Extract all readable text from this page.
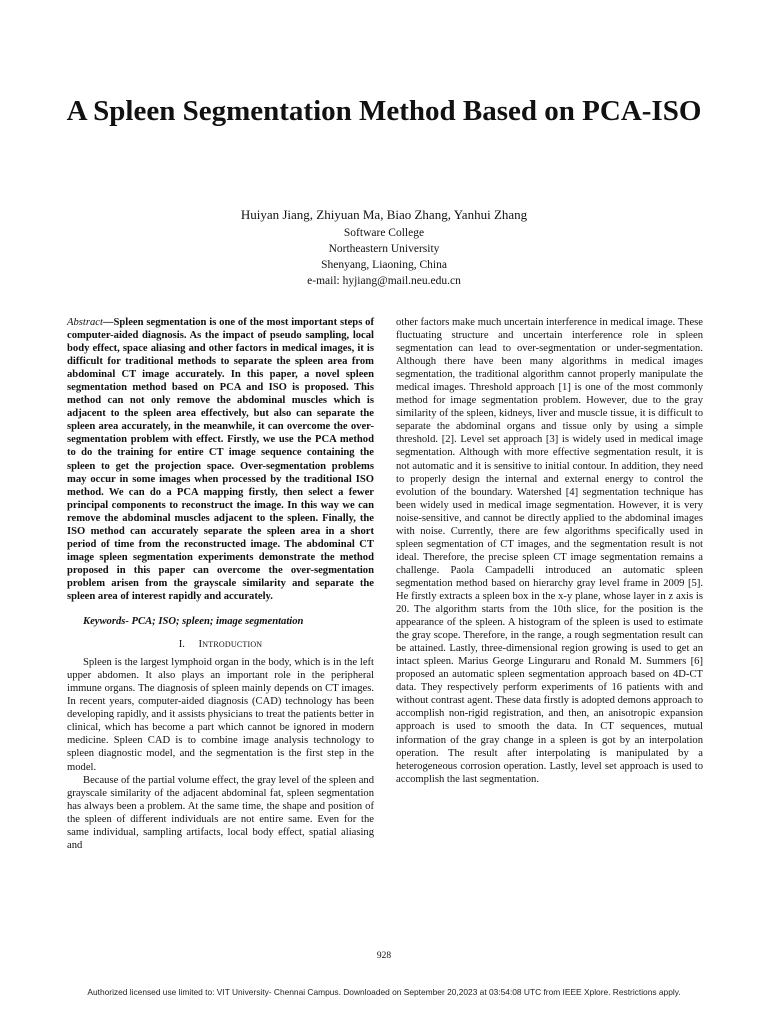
A Spleen Segmentation Method Based on PCA-ISO
Huiyan Jiang, Zhiyuan Ma, Biao Zhang, Yanhui Zhang
Software College
Northeastern University
Shenyang, Liaoning, China
e-mail: hyjiang@mail.neu.edu.cn

Abstract—Spleen segmentation is one of the most important steps of computer-aided diagnosis. As the impact of pseudo sampling, local body effect, space aliasing and other factors in medical images, it is difficult for traditional methods to separate the spleen area from abdominal CT image accurately. In this paper, a novel spleen segmentation method based on PCA and ISO is proposed. This method can not only remove the abdominal muscles which is adjacent to the spleen area effectively, but also can separate the spleen area accurately, in the meanwhile, it can overcome the over-segmentation problem with effect. Firstly, we use the PCA method to do the training for entire CT image sequence containing the spleen to get the projection space. Over-segmentation problems may occur in some images when processed by the traditional ISO method. We can do a PCA mapping firstly, then select a fewer principal components to reconstruct the image. In this way we can remove the abdominal muscles adjacent to the spleen. Finally, the ISO method can accurately separate the spleen area in a short period of time from the reconstructed image. The abdominal CT image spleen segmentation experiments demonstrate the method proposed in this paper can overcome the over-segmentation problem arisen from the grayscale similarity and separate the spleen area of interest rapidly and accurately.

Keywords- PCA; ISO; spleen; image segmentation

I. Introduction

Spleen is the largest lymphoid organ in the body, which is in the left upper abdomen. It also plays an important role in the peripheral immune organs. The diagnosis of spleen mainly depends on CT images. In recent years, computer-aided diagnosis (CAD) technology has been developing rapidly, and it assists physicians to treat the patients better in clinical, which has become a part which cannot be ignored in modern medicine. Spleen CAD is to combine image analysis technology to spleen diagnostic model, and the segmentation is the first step in the model.

Because of the partial volume effect, the gray level of the spleen and grayscale similarity of the adjacent abdominal fat, spleen segmentation has always been a problem. At the same time, the shape and position of the spleen of different individuals are not entire same. Even for the same individual, sampling artifacts, local body effect, spatial aliasing and

other factors make much uncertain interference in medical image. These fluctuating structure and uncertain interference role in spleen segmentation can lead to over-segmentation or under-segmentation. Although there have been many algorithms in medical images segmentation, the traditional algorithm cannot properly manipulate the medical images. Threshold approach [1] is one of the most commonly method for image segmentation problem. However, due to the gray similarity of the spleen, kidneys, liver and muscle tissue, it is difficult to separate the abdominal organs and tissue only by using a simple threshold. [2]. Level set approach [3] is widely used in medical image segmentation. Although with more effective segmentation result, it is not automatic and it is sensitive to initial contour. In addition, they need to properly design the internal and external energy to control the evolution of the boundary. Watershed [4] segmentation technique has been widely used in medical image segmentation. However, it is very noise-sensitive, and cannot be directly applied to the abdominal images with noise. Currently, there are few algorithms specifically used in spleen segmentation of CT images, and the segmentation result is not ideal. Therefore, the precise spleen CT image segmentation remains a challenge. Paola Campadelli introduced an automatic spleen segmentation method based on hierarchy gray level frame in 2009 [5]. He firstly extracts a spleen box in the x-y plane, whose layer in z axis is 20. The algorithm starts from the 10th slice, for the position is the appearance of the spleen. A histogram of the spleen is used to estimate the gray scope. Therefore, in the range, a rough segmentation result can be attained. Lastly, three-dimensional region growing is used to get an intact spleen. Marius George Linguraru and Ronald M. Summers [6] proposed an automatic spleen segmentation approach based on 4D-CT data. They respectively perform experiments of 16 patients with and without contrast agent. These data firstly is adopted demons approach to accomplish non-rigid registration, and then, an anisotropic expansion approach is used to smooth the data. In CT sequences, mutual information of the gray change in a spleen is got by an interpolation operation. The result after interpolating is manipulated by a heterogeneous corrosion operation. Lastly, level set approach is used to accomplish the last segmentation.

928
Authorized licensed use limited to: VIT University- Chennai Campus. Downloaded on September 20,2023 at 03:54:08 UTC from IEEE Xplore. Restrictions apply.
